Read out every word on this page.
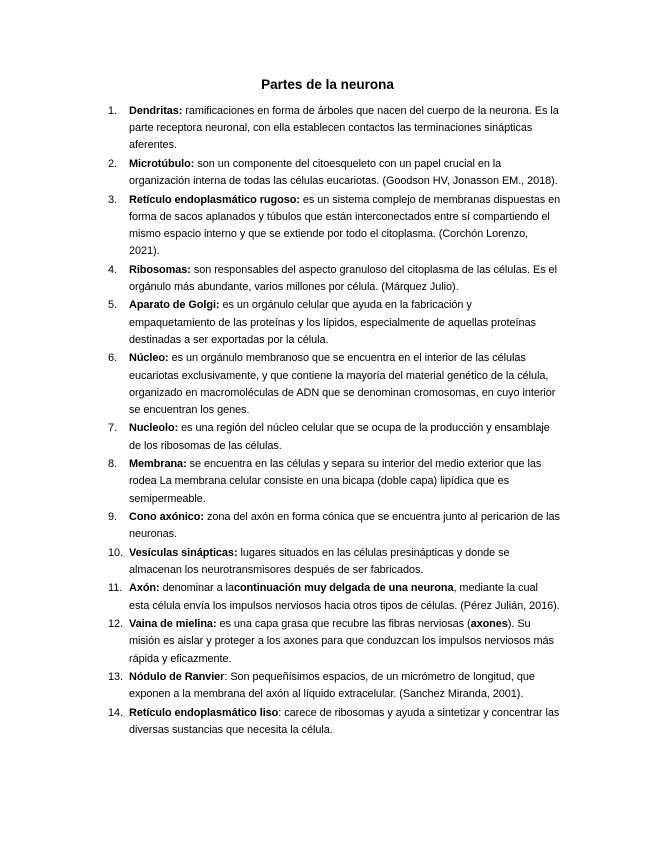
Partes de la neurona
1. Dendritas: ramificaciones en forma de árboles que nacen del cuerpo de la neurona. Es la parte receptora neuronal, con ella establecen contactos las terminaciones sinápticas aferentes.
2. Microtúbulo: son un componente del citoesqueleto con un papel crucial en la organización interna de todas las células eucariotas. (Goodson HV, Jonasson EM., 2018).
3. Retículo endoplasmático rugoso: es un sistema complejo de membranas dispuestas en forma de sacos aplanados y túbulos que están interconectados entre sí compartiendo el mismo espacio interno y que se extiende por todo el citoplasma. (Corchón Lorenzo, 2021).
4. Ribosomas: son responsables del aspecto granuloso del citoplasma de las células. Es el orgánulo más abundante, varios millones por célula. (Márquez Julio).
5. Aparato de Golgi: es un orgánulo celular que ayuda en la fabricación y empaquetamiento de las proteínas y los lípidos, especialmente de aquellas proteínas destinadas a ser exportadas por la célula.
6. Núcleo: es un orgánulo membranoso que se encuentra en el interior de las células eucariotas exclusivamente, y que contiene la mayoría del material genético de la célula, organizado en macromoléculas de ADN que se denominan cromosomas, en cuyo interior se encuentran los genes.
7. Nucleolo: es una región del núcleo celular que se ocupa de la producción y ensamblaje de los ribosomas de las células.
8. Membrana: se encuentra en las células y separa su interior del medio exterior que las rodea La membrana celular consiste en una bicapa (doble capa) lipídica que es semipermeable.
9. Cono axónico: zona del axón en forma cónica que se encuentra junto al pericarion de las neuronas.
10. Vesículas sinápticas: lugares situados en las células presinápticas y donde se almacenan los neurotransmisores después de ser fabricados.
11. Axón: denominar a lacontinuación muy delgada de una neurona, mediante la cual esta célula envía los impulsos nerviosos hacia otros tipos de células. (Pérez Julián, 2016).
12. Vaina de mielina: es una capa grasa que recubre las fibras nerviosas (axones). Su misión es aislar y proteger a los axones para que conduzcan los impulsos nerviosos más rápida y eficazmente.
13. Nódulo de Ranvier: Son pequeñísimos espacios, de un micrómetro de longitud, que exponen a la membrana del axón al líquido extracelular. (Sanchez Miranda, 2001).
14. Retículo endoplasmático liso: carece de ribosomas y ayuda a sintetizar y concentrar las diversas sustancias que necesita la célula.
